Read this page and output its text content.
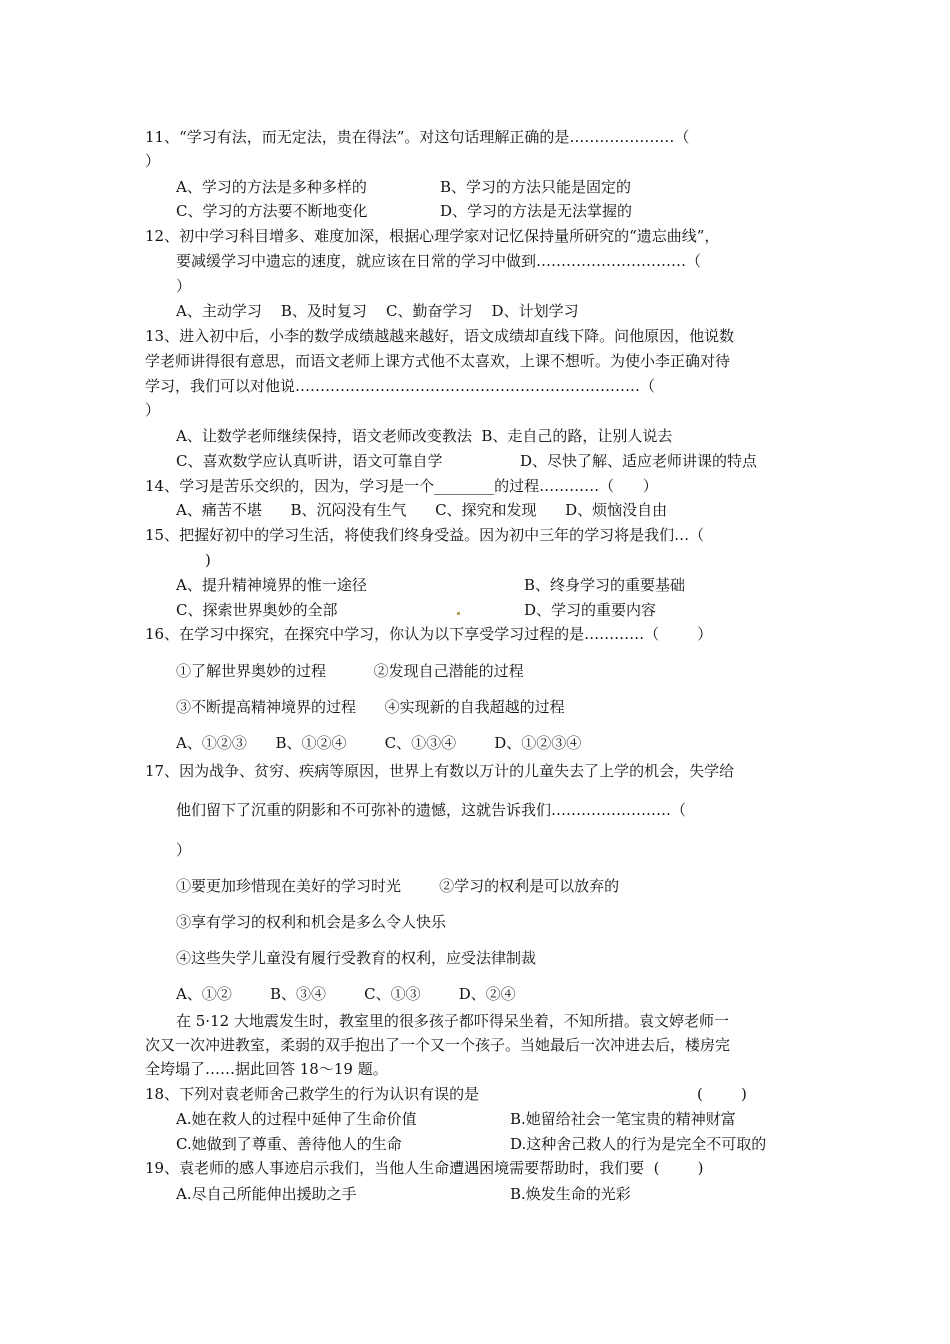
11、“学习有法，而无定法，贵在得法”。对这句话理解正确的是…………………（
）
A、学习的方法是多种多样的	B、学习的方法只能是固定的
C、学习的方法要不断地变化	D、学习的方法是无法掌握的
12、初中学习科目增多、难度加深，根据心理学家对记忆保持量所研究的“遗忘曲线”，
要减缓学习中遗忘的速度，就应该在日常的学习中做到…………………………（
）
A、主动学习    B、及时复习    C、勤奋学习    D、计划学习
13、进入初中后，小李的数学成绩越越来越好，语文成绩却直线下降。问他原因，他说数
学老师讲得很有意思，而语文老师上课方式他不太喜欢，上课不想听。为使小李正确对待
学习，我们可以对他说……………………………………………………………（
）
A、让数学老师继续保持，语文老师改变教法  B、走自己的路，让别人说去
C、喜欢数学应认真听讲，语文可靠自学	D、尽快了解、适应老师讲课的特点
14、学习是苦乐交织的，因为，学习是一个________的过程…………（      ）
A、痛苦不堪      B、沉闷没有生气      C、探究和发现      D、烦恼没自由
15、把握好初中的学习生活，将使我们终身受益。因为初中三年的学习将是我们…（
)
A、提升精神境界的惟一途径	B、终身学习的重要基础
C、探索世界奥妙的全部	D、学习的重要内容
16、在学习中探究，在探究中学习，你认为以下享受学习过程的是…………（        ）
①了解世界奥妙的过程          ②发现自己潜能的过程
③不断提高精神境界的过程      ④实现新的自我超越的过程
A、①②③      B、①②④        C、①③④        D、①②③④
17、因为战争、贫穷、疾病等原因，世界上有数以万计的儿童失去了上学的机会，失学给
他们留下了沉重的阴影和不可弥补的遗憾，这就告诉我们……………………（
）
①要更加珍惜现在美好的学习时光        ②学习的权利是可以放弃的
③享有学习的权利和机会是多么令人快乐
④这些失学儿童没有履行受教育的权利，应受法律制裁
A、①②        B、③④        C、①③        D、②④
在 5·12 大地震发生时，教室里的很多孩子都吓得呆坐着，不知所措。袁文婷老师一
次又一次冲进教室，柔弱的双手抱出了一个又一个孩子。当她最后一次冲进去后，楼房完
全垮塌了……据此回答 18～19 题。
18、下列对袁老师舍己救学生的行为认识有误的是	(        )
A.她在救人的过程中延伸了生命价值	B.她留给社会一笔宝贵的精神财富
C.她做到了尊重、善待他人的生命	D.这种舍己救人的行为是完全不可取的
19、袁老师的感人事迹启示我们，当他人生命遭遇困境需要帮助时，我们要  (        )
A.尽自己所能伸出援助之手	B.焕发生命的光彩
